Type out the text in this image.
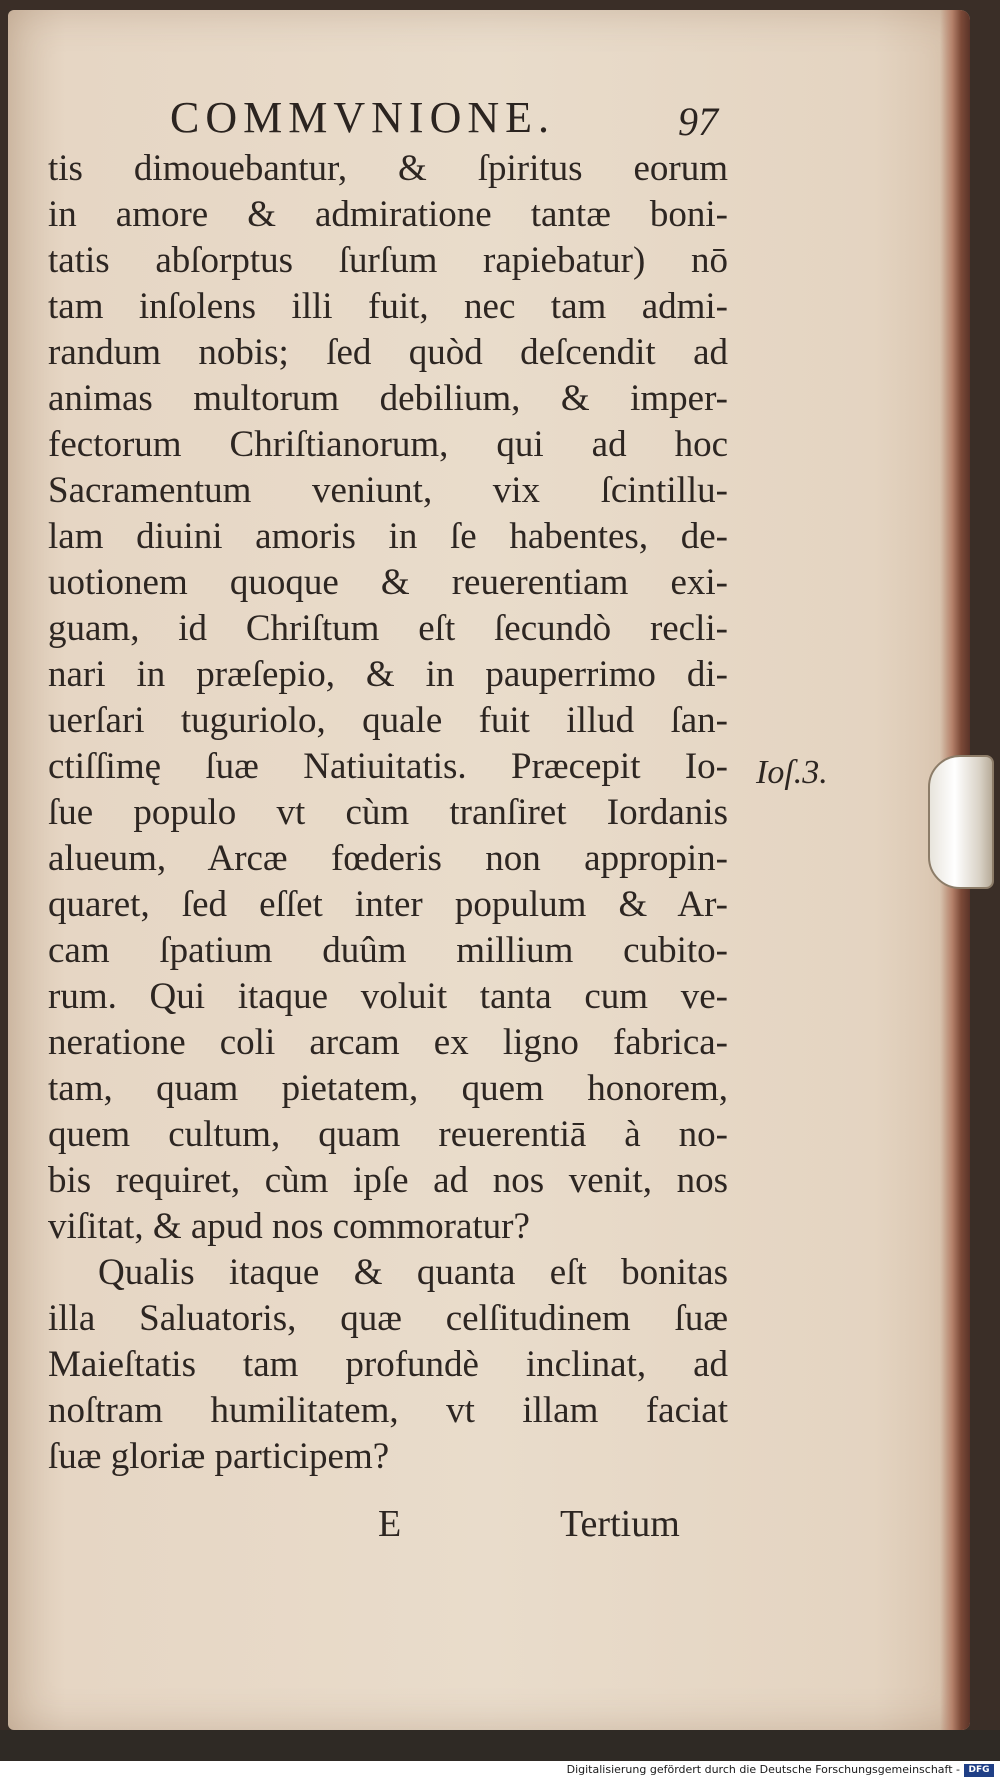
COMMVNIONE.	97
tis dimouebantur, & ſpiritus eorum
in amore & admiratione tantæ boni-
tatis abſorptus ſurſum rapiebatur) nō
tam inſolens illi fuit, nec tam admi-
randum nobis; ſed quòd deſcendit ad
animas multorum debilium, & imper-
fectorum Chriſtianorum, qui ad hoc
Sacramentum veniunt, vix ſcintillu-
lam diuini amoris in ſe habentes, de-
uotionem quoque & reuerentiam exi-
guam, id Chriſtum eſt ſecundò recli-
nari in præſepio, & in pauperrimo di-
uerſari tuguriolo, quale fuit illud ſan-
ctiſſimę ſuæ Natiuitatis. Præcepit Io-
ſue populo vt cùm tranſiret Iordanis
alueum, Arcæ fœderis non appropin-
quaret, ſed eſſet inter populum & Ar-
cam ſpatium duûm millium cubito-
rum. Qui itaque voluit tanta cum ve-
neratione coli arcam ex ligno fabrica-
tam, quam pietatem, quem honorem,
quem cultum, quam reuerentiā à no-
bis requiret, cùm ipſe ad nos venit, nos
viſitat, & apud nos commoratur?
Qualis itaque & quanta eſt bonitas
illa Saluatoris, quæ celſitudinem ſuæ
Maieſtatis tam profundè inclinat, ad
noſtram humilitatem, vt illam faciat
ſuæ gloriæ participem?
Ioſ.3.
E	Tertium
Digitalisierung gefördert durch die Deutsche Forschungsgemeinschaft - DFG
